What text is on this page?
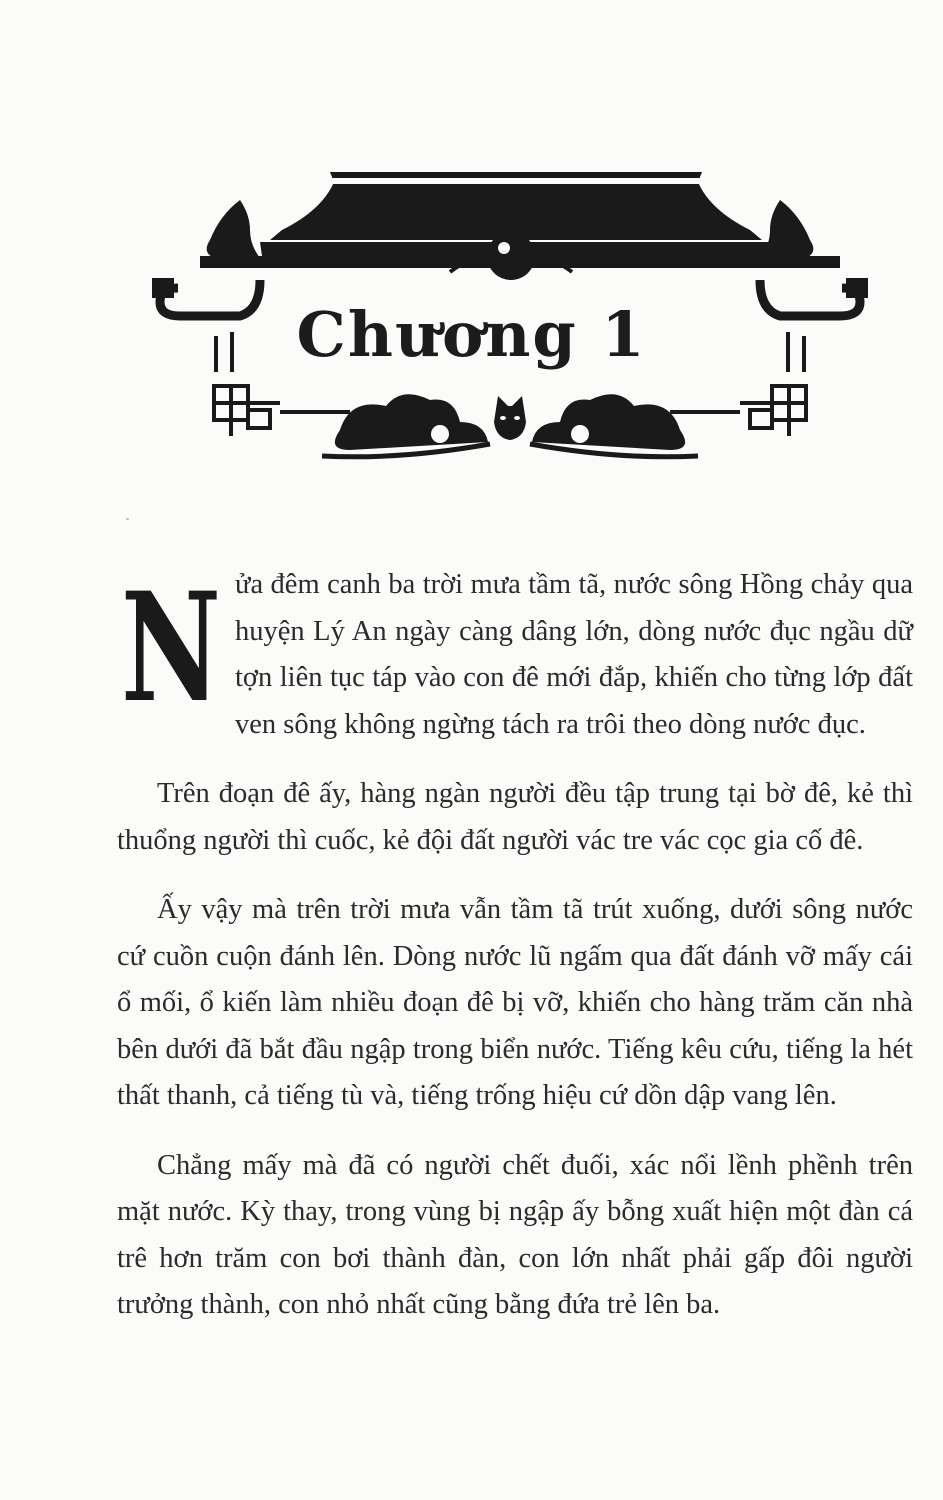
Chương 1

N ửa đêm canh ba trời mưa tầm tã, nước sông Hồng chảy qua huyện Lý An ngày càng dâng lớn, dòng nước đục ngầu dữ tợn liên tục táp vào con đê mới đắp, khiến cho từng lớp đất ven sông không ngừng tách ra trôi theo dòng nước đục.

Trên đoạn đê ấy, hàng ngàn người đều tập trung tại bờ đê, kẻ thì thuổng người thì cuốc, kẻ đội đất người vác tre vác cọc gia cố đê.

Ấy vậy mà trên trời mưa vẫn tầm tã trút xuống, dưới sông nước cứ cuồn cuộn đánh lên. Dòng nước lũ ngấm qua đất đánh vỡ mấy cái ổ mối, ổ kiến làm nhiều đoạn đê bị vỡ, khiến cho hàng trăm căn nhà bên dưới đã bắt đầu ngập trong biển nước. Tiếng kêu cứu, tiếng la hét thất thanh, cả tiếng tù và, tiếng trống hiệu cứ dồn dập vang lên.

Chẳng mấy mà đã có người chết đuối, xác nổi lềnh phềnh trên mặt nước. Kỳ thay, trong vùng bị ngập ấy bỗng xuất hiện một đàn cá trê hơn trăm con bơi thành đàn, con lớn nhất phải gấp đôi người trưởng thành, con nhỏ nhất cũng bằng đứa trẻ lên ba.
